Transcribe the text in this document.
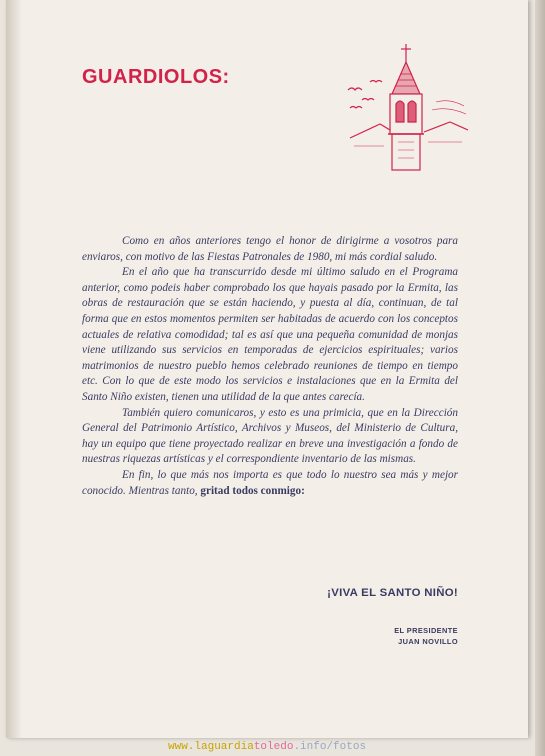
GUARDIOLOS:

Como en años anteriores tengo el honor de dirigirme a vosotros para enviaros, con motivo de las Fiestas Patronales de 1980, mi más cordial saludo.

En el año que ha transcurrido desde mi último saludo en el Programa anterior, como podeis haber comprobado los que hayais pasado por la Ermita, las obras de restauración que se están haciendo, y puesta al día, continuan, de tal forma que en estos momentos permiten ser habitadas de acuerdo con los conceptos actuales de relativa comodidad; tal es así que una pequeña comunidad de monjas viene utilizando sus servicios en temporadas de ejercicios espirituales; varios matrimonios de nuestro pueblo hemos celebrado reuniones de tiempo en tiempo etc. Con lo que de este modo los servicios e instalaciones que en la Ermita del Santo Niño existen, tienen una utilidad de la que antes carecía.

También quiero comunicaros, y esto es una primicia, que en la Dirección General del Patrimonio Artístico, Archivos y Museos, del Ministerio de Cultura, hay un equipo que tiene proyectado realizar en breve una investigación a fondo de nuestras riquezas artísticas y el correspondiente inventario de las mismas.

En fin, lo que más nos importa es que todo lo nuestro sea más y mejor conocido. Mientras tanto, gritad todos conmigo:

¡VIVA EL SANTO NIÑO!
EL PRESIDENTE
JUAN NOVILLO
www.laguardiatoledo.info/fotos
